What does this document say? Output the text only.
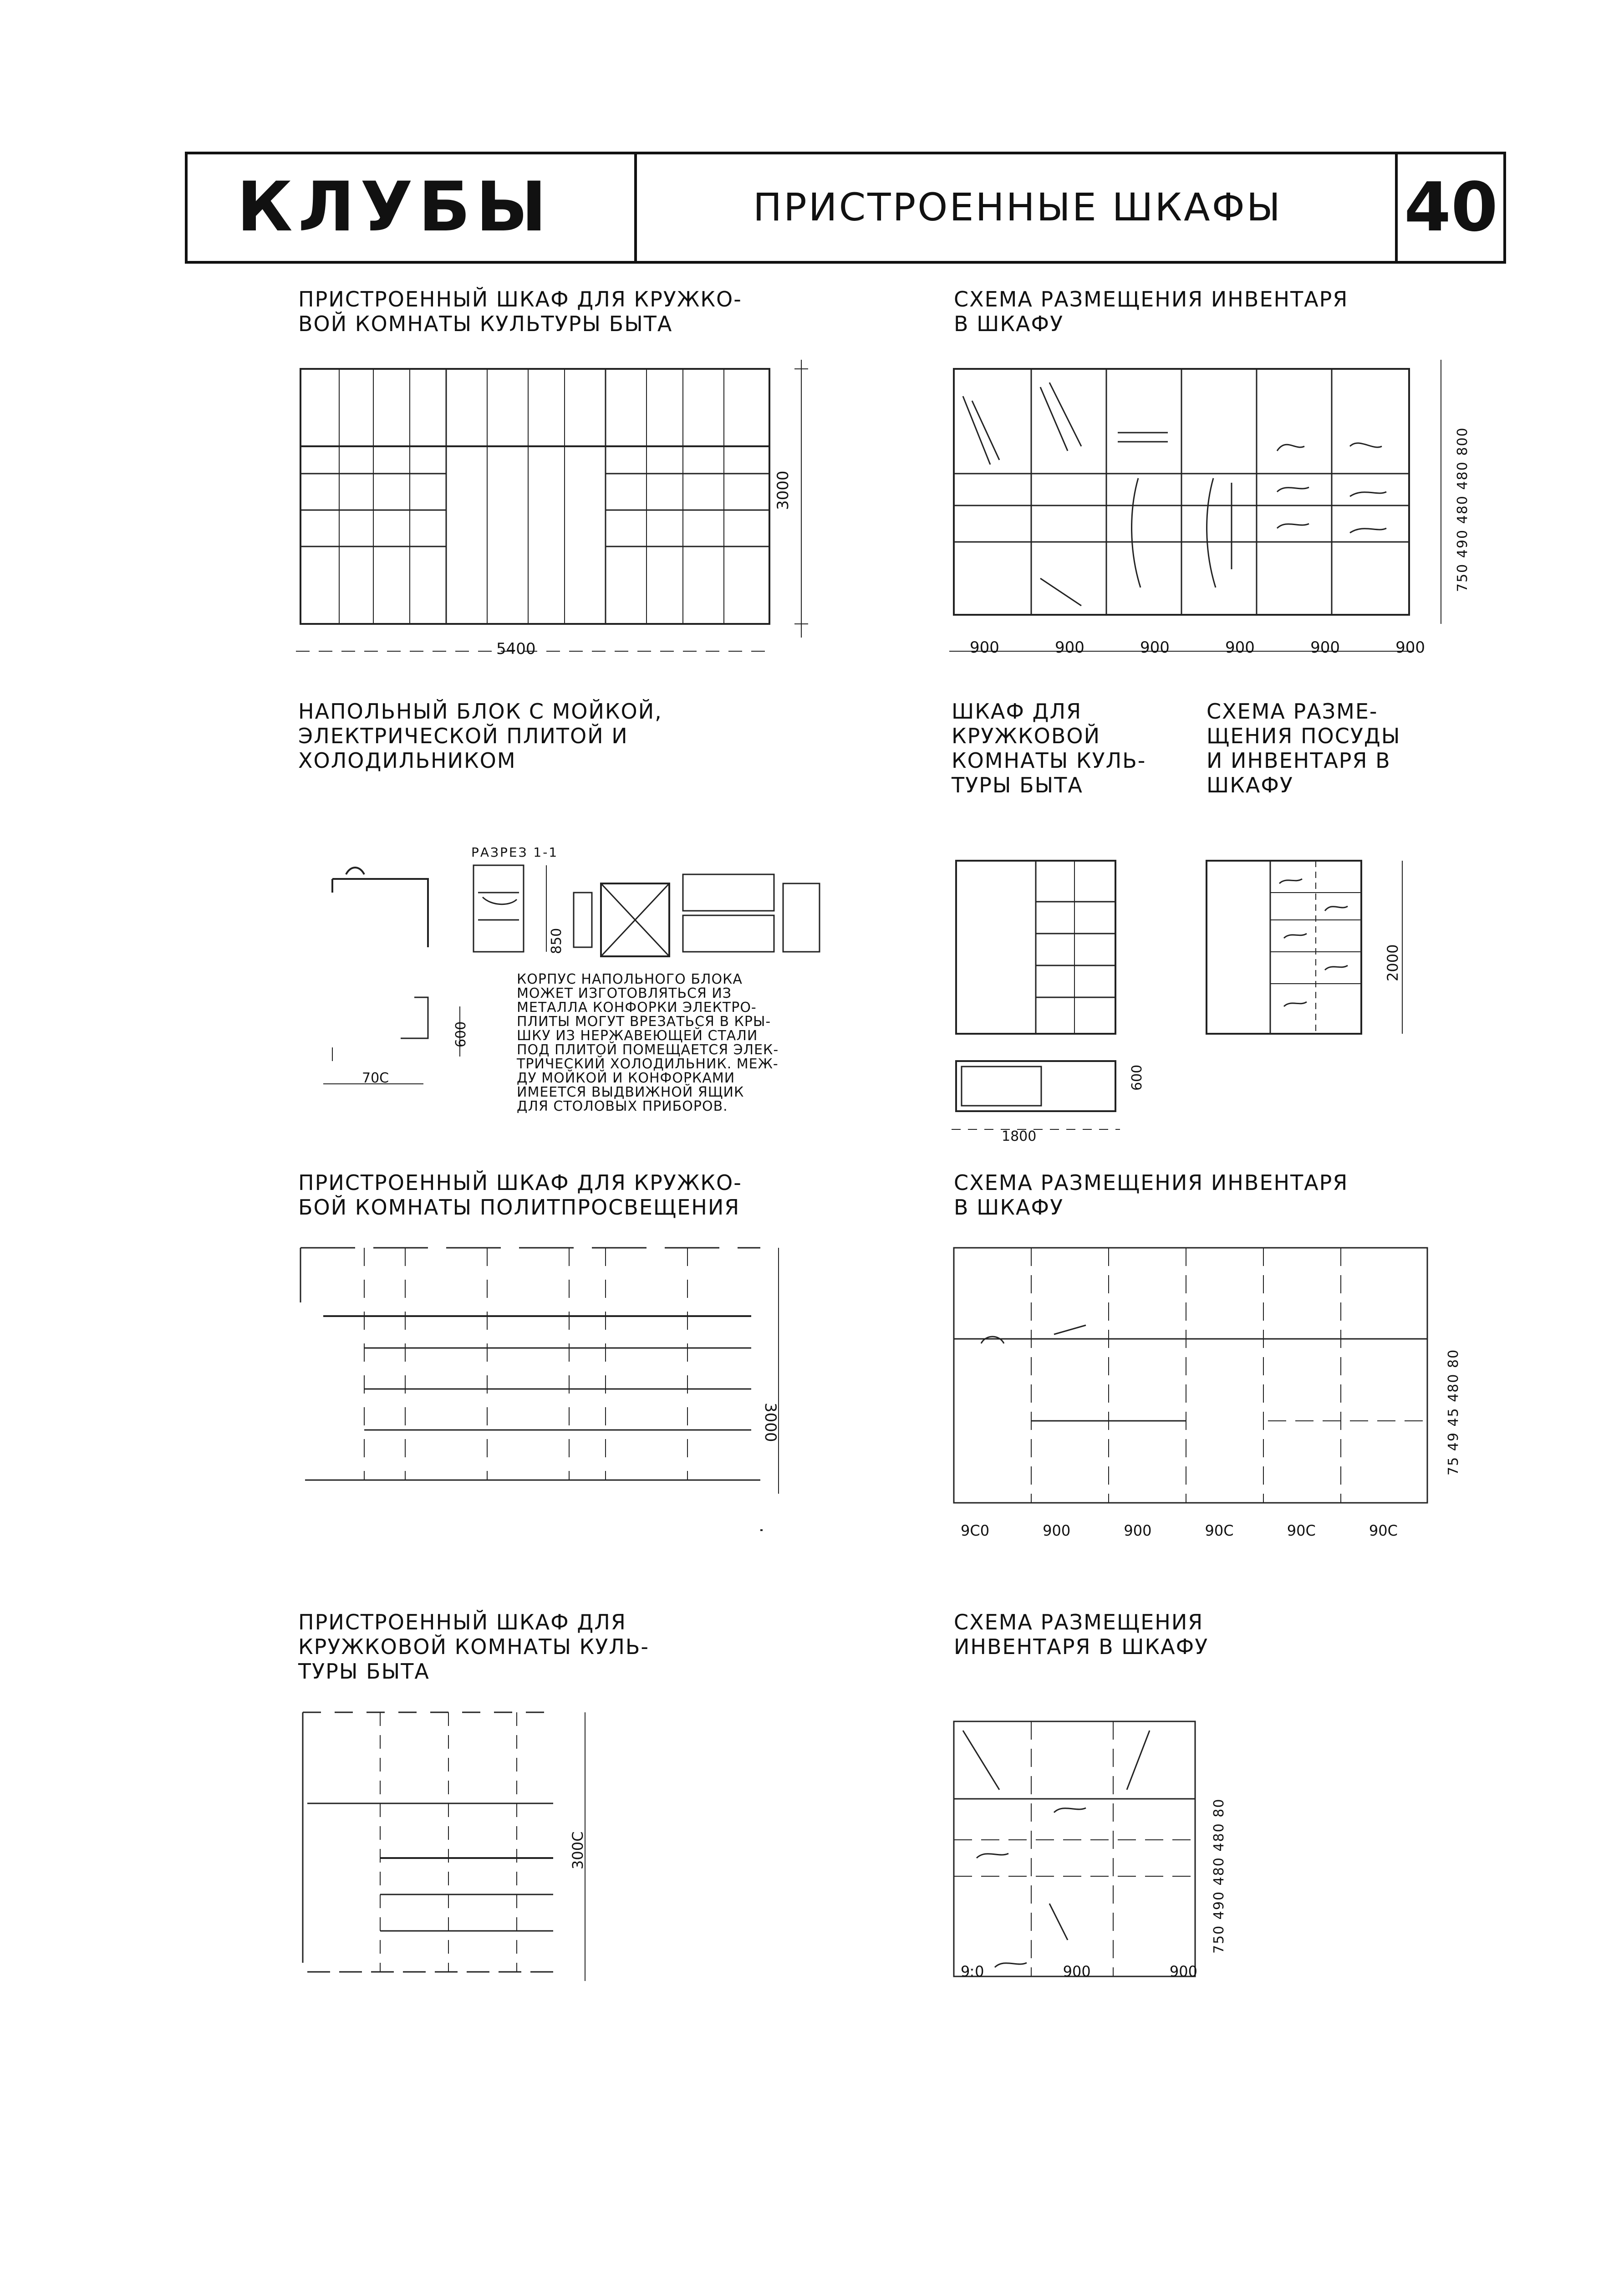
КЛУБЫ	ПРИСТРОЕННЫЕ ШКАФЫ	40
ПРИСТРОЕННЫЙ ШКАФ ДЛЯ КРУЖКО-
ВОЙ КОМНАТЫ КУЛЬТУРЫ БЫТА
5400
3000
СХЕМА РАЗМЕЩЕНИЯ ИНВЕНТАРЯ
В ШКАФУ
900	900	900	900	900	900
750 490 480 480 800
НАПОЛЬНЫЙ БЛОК С МОЙКОЙ,
ЭЛЕКТРИЧЕСКОЙ ПЛИТОЙ И
ХОЛОДИЛЬНИКОМ
РАЗРЕЗ 1-1
850
600
70С
КОРПУС НАПОЛЬНОГО БЛОКА
МОЖЕТ ИЗГОТОВЛЯТЬСЯ ИЗ
МЕТАЛЛА КОНФОРКИ ЭЛЕКТРО-
ПЛИТЫ МОГУТ ВРЕЗАТЬСЯ В КРЫ-
ШКУ ИЗ НЕРЖАВЕЮЩЕЙ СТАЛИ
ПОД ПЛИТОЙ ПОМЕЩАЕТСЯ ЭЛЕК-
ТРИЧЕСКИЙ ХОЛОДИЛЬНИК. МЕЖ-
ДУ МОЙКОЙ И КОНФОРКАМИ
ИМЕЕТСЯ ВЫДВИЖНОЙ ЯЩИК
ДЛЯ СТОЛОВЫХ ПРИБОРОВ.
ШКАФ ДЛЯ
КРУЖКОВОЙ
КОМНАТЫ КУЛЬ-
ТУРЫ БЫТА
1800
600
СХЕМА РАЗМЕ-
ЩЕНИЯ ПОСУДЫ
И ИНВЕНТАРЯ В
ШКАФУ
2000
ПРИСТРОЕННЫЙ ШКАФ ДЛЯ КРУЖКО-
БОЙ КОМНАТЫ ПОЛИТПРОСВЕЩЕНИЯ
3000
СХЕМА РАЗМЕЩЕНИЯ ИНВЕНТАРЯ
В ШКАФУ
9С0	900	900	90С	90С	90С
75 49 45 480 80
ПРИСТРОЕННЫЙ ШКАФ ДЛЯ
КРУЖКОВОЙ КОМНАТЫ КУЛЬ-
ТУРЫ БЫТА
300С
СХЕМА РАЗМЕЩЕНИЯ
ИНВЕНТАРЯ В ШКАФУ
9ː0	900	900
750 490 480 480 80
